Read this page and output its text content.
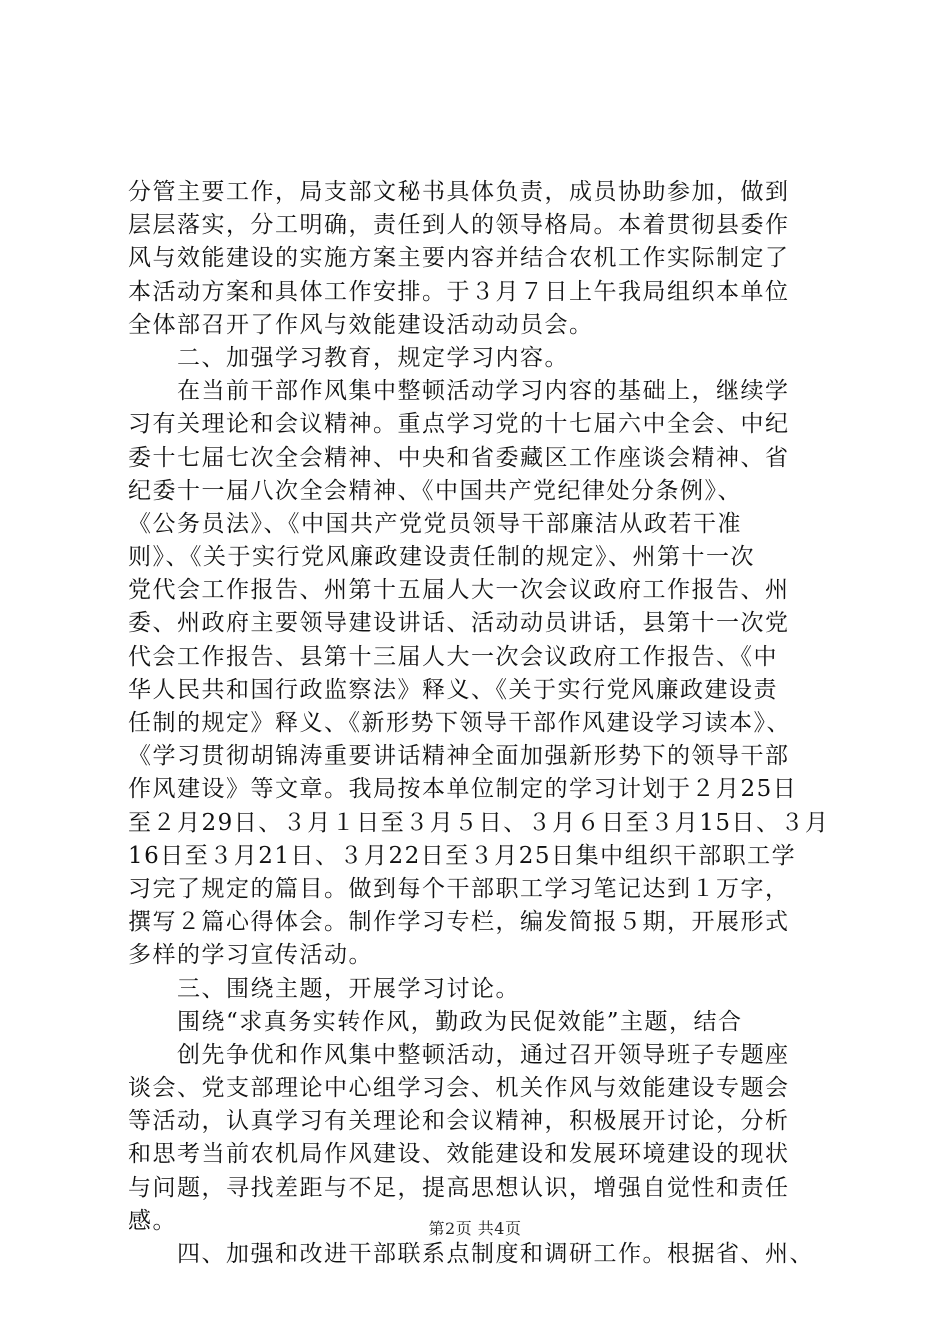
分管主要工作，局支部文秘书具体负责，成员协助参加，做到
层层落实，分工明确，责任到人的领导格局。本着贯彻县委作
风与效能建设的实施方案主要内容并结合农机工作实际制定了
本活动方案和具体工作安排。于３月７日上午我局组织本单位
全体部召开了作风与效能建设活动动员会。
　　二、加强学习教育，规定学习内容。
　　在当前干部作风集中整顿活动学习内容的基础上，继续学
习有关理论和会议精神。重点学习党的十七届六中全会、中纪
委十七届七次全会精神、中央和省委藏区工作座谈会精神、省
纪委十一届八次全会精神、《中国共产党纪律处分条例》、
《公务员法》、《中国共产党党员领导干部廉洁从政若干准
则》、《关于实行党风廉政建设责任制的规定》、州第十一次
党代会工作报告、州第十五届人大一次会议政府工作报告、州
委、州政府主要领导建设讲话、活动动员讲话，县第十一次党
代会工作报告、县第十三届人大一次会议政府工作报告、《中
华人民共和国行政监察法》释义、《关于实行党风廉政建设责
任制的规定》释义、《新形势下领导干部作风建设学习读本》、
《学习贯彻胡锦涛重要讲话精神全面加强新形势下的领导干部
作风建设》等文章。我局按本单位制定的学习计划于２月25日
至２月29日、３月１日至３月５日、３月６日至３月15日、３月
16日至３月21日、３月22日至３月25日集中组织干部职工学
习完了规定的篇目。做到每个干部职工学习笔记达到１万字，
撰写２篇心得体会。制作学习专栏，编发简报５期，开展形式
多样的学习宣传活动。
　　三、围绕主题，开展学习讨论。
　　围绕“求真务实转作风，勤政为民促效能”主题，结合
　　创先争优和作风集中整顿活动，通过召开领导班子专题座
谈会、党支部理论中心组学习会、机关作风与效能建设专题会
等活动，认真学习有关理论和会议精神，积极展开讨论，分析
和思考当前农机局作风建设、效能建设和发展环境建设的现状
与问题，寻找差距与不足，提高思想认识，增强自觉性和责任
感。
　　四、加强和改进干部联系点制度和调研工作。根据省、州、
第2页 共4页
